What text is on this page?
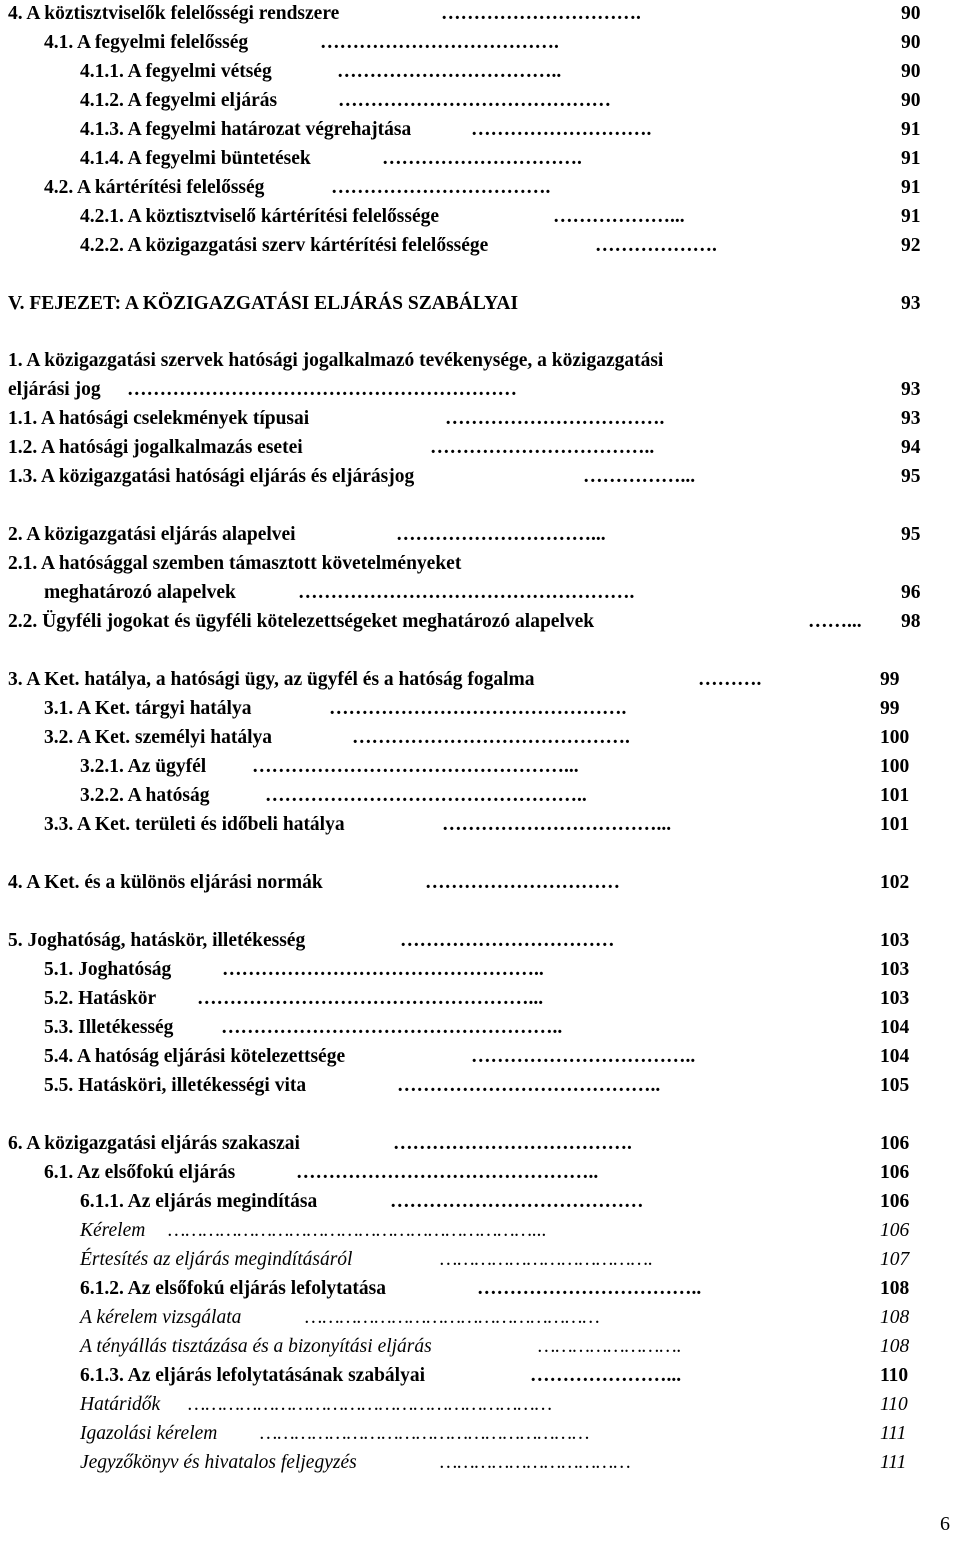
4. A köztisztviselők felelősségi rendszere	………………………….	90
4.1. A fegyelmi felelősség	……………………………….	90
4.1.1. A fegyelmi vétség	……………………………..	90
4.1.2. A fegyelmi eljárás	……………………………………	90
4.1.3. A fegyelmi határozat végrehajtása	……………………….	91
4.1.4. A fegyelmi büntetések	………………………….	91
4.2. A kártérítési felelősség	…………………………….	91
4.2.1. A köztisztviselő kártérítési felelőssége	………………...	91
4.2.2. A közigazgatási szerv kártérítési felelőssége	……………….	92
V. FEJEZET: A KÖZIGAZGATÁSI ELJÁRÁS SZABÁLYAI	93
1. A közigazgatási szervek hatósági jogalkalmazó tevékenysége, a közigazgatási
eljárási jog ……………………………………………………	93
1.1. A hatósági cselekmények típusai	…………………………….	93
1.2. A hatósági jogalkalmazás esetei	……………………………..	94
1.3. A közigazgatási hatósági eljárás és eljárásjog	……………...	95
2. A közigazgatási eljárás alapelvei	…………………………...	95
2.1. A hatósággal szemben támasztott követelményeket
meghatározó alapelvek	…………………………………………….	96
2.2. Ügyféli jogokat és ügyféli kötelezettségeket meghatározó alapelvek	……...	98
3. A Ket. hatálya, a hatósági ügy, az ügyfél és a hatóság fogalma	……….	99
3.1. A Ket. tárgyi hatálya	……………………………………….	99
3.2. A Ket. személyi hatálya	…………………………………….	100
3.2.1. Az ügyfél …………………………………………...	100
3.2.2. A hatóság	…………………………………………..	101
3.3. A Ket. területi és időbeli hatálya	……………………………...	101
4. A Ket. és a különös eljárási normák	…………………………	102
5. Joghatóság, hatáskör, illetékesség	……………………………	103
5.1. Joghatóság	…………………………………………..	103
5.2. Hatáskör ……………………………………………...	103
5.3. Illetékesség ……………………………………………..	104
5.4. A hatóság eljárási kötelezettsége	……………………………..	104
5.5. Hatásköri, illetékességi vita	…………………………………..	105
6. A közigazgatási eljárás szakaszai	……………………………….	106
6.1. Az elsőfokú eljárás	………………………………………..	106
6.1.1. Az eljárás megindítása	…………………………………	106
Kérelem ………………………………………………………...	106
Értesítés az eljárás megindításáról	……………………………….	107
6.1.2. Az elsőfokú eljárás lefolytatása	……………………………..	108
A kérelem vizsgálata	……………………………………………	108
A tényállás tisztázása és a bizonyítási eljárás	…………………….	108
6.1.3. Az eljárás lefolytatásának szabályai	…………………...	110
Határidők ………………………………………………………	110
Igazolási kérelem …………………………………………………	111
Jegyzőkönyv és hivatalos feljegyzés	……………………………	111
6
